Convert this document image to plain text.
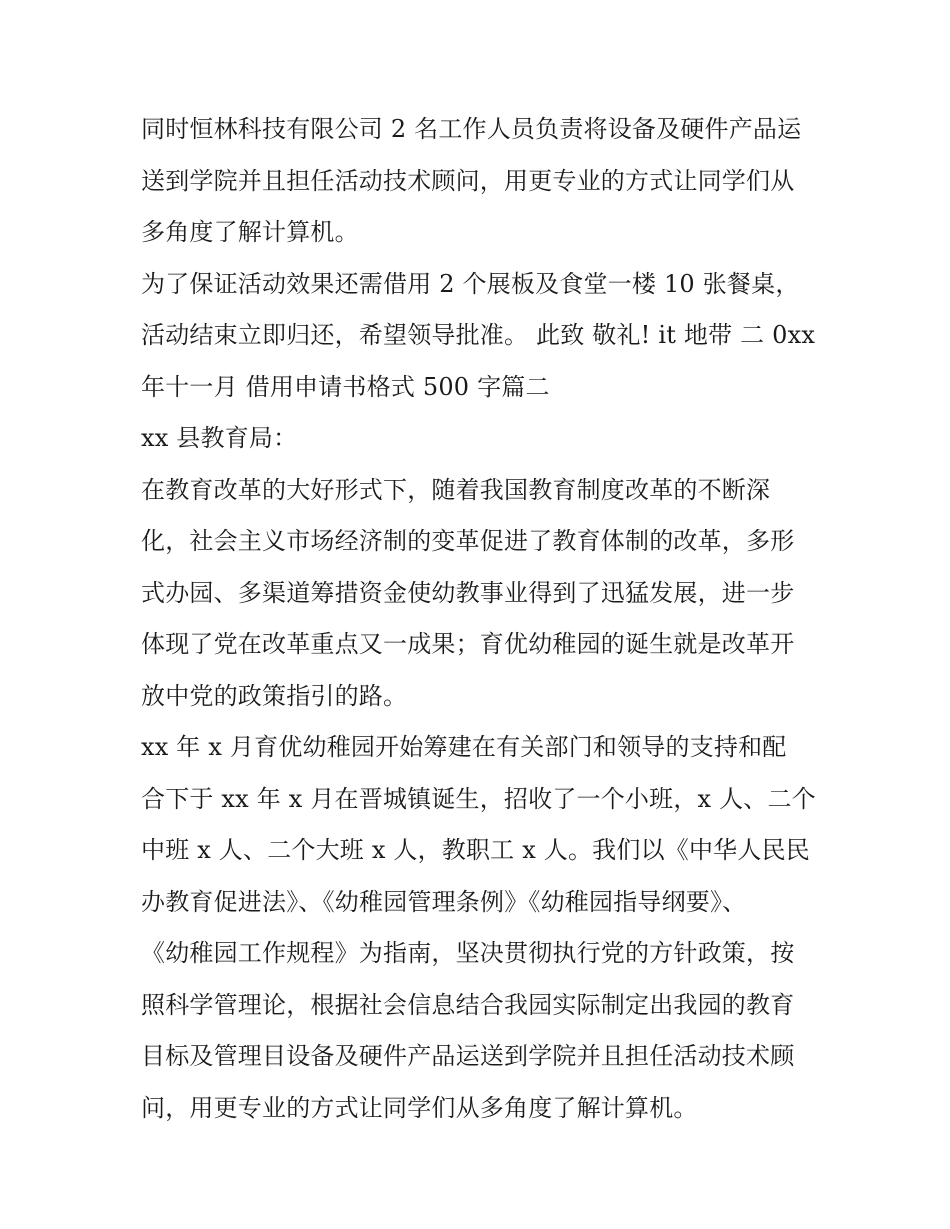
同时恒林科技有限公司 2 名工作人员负责将设备及硬件产品运
送到学院并且担任活动技术顾问，用更专业的方式让同学们从
多角度了解计算机。
为了保证活动效果还需借用 2 个展板及食堂一楼 10 张餐桌，
活动结束立即归还，希望领导批准。 此致 敬礼! it 地带 二 0xx
年十一月 借用申请书格式 500 字篇二
xx 县教育局：
在教育改革的大好形式下，随着我国教育制度改革的不断深
化，社会主义市场经济制的变革促进了教育体制的改革，多形
式办园、多渠道筹措资金使幼教事业得到了迅猛发展，进一步
体现了党在改革重点又一成果；育优幼稚园的诞生就是改革开
放中党的政策指引的路。
xx 年 x 月育优幼稚园开始筹建在有关部门和领导的支持和配
合下于 xx 年 x 月在晋城镇诞生，招收了一个小班，x 人、二个
中班 x 人、二个大班 x 人，教职工 x 人。我们以《中华人民民
办教育促进法》、《幼稚园管理条例》《幼稚园指导纲要》、
《幼稚园工作规程》为指南，坚决贯彻执行党的方针政策，按
照科学管理论，根据社会信息结合我园实际制定出我园的教育
目标及管理目设备及硬件产品运送到学院并且担任活动技术顾
问，用更专业的方式让同学们从多角度了解计算机。
